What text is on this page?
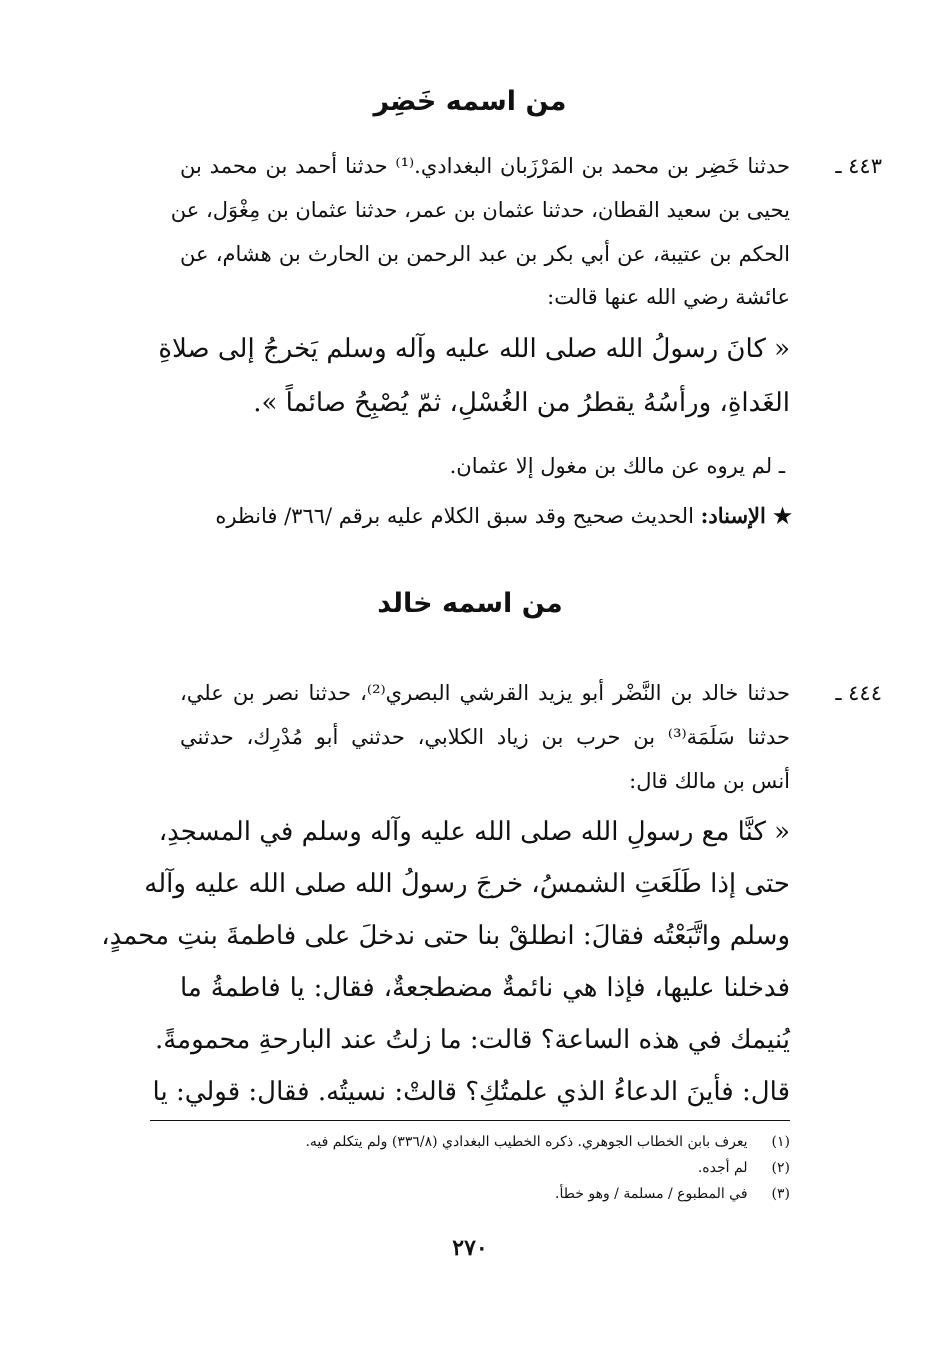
من اسمه خَضِر
٤٤٣ ـ
حدثنا خَضِر بن محمد بن المَرْزَبان البغدادي.⁽¹⁾ حدثنا أحمد بن محمد بن
يحيى بن سعيد القطان، حدثنا عثمان بن عمر، حدثنا عثمان بن مِغْوَل، عن
الحكم بن عتيبة، عن أبي بكر بن عبد الرحمن بن الحارث بن هشام، عن
عائشة رضي الله عنها قالت:
« كانَ رسولُ الله صلى الله عليه وآله وسلم يَخرجُ إلى صلاةِ
الغَداةِ، ورأسُهُ يقطرُ من الغُسْلِ، ثمّ يُصْبِحُ صائماً ».
ـ لم يروه عن مالك بن مغول إلا عثمان.
★ الإسناد: الحديث صحيح وقد سبق الكلام عليه برقم /٣٦٦/ فانظره
من اسمه خالد
٤٤٤ ـ
حدثنا خالد بن النَّضْر أبو يزيد القرشي البصري⁽²⁾، حدثنا نصر بن علي،
حدثنا سَلَمَة⁽³⁾ بن حرب بن زياد الكلابي، حدثني أبو مُدْرِك، حدثني
أنس بن مالك قال:
« كنَّا مع رسولِ الله صلى الله عليه وآله وسلم في المسجدِ،
حتى إذا طَلَعَتِ الشمسُ، خرجَ رسولُ الله صلى الله عليه وآله
وسلم واتَّبَعْتُه فقالَ: انطلقْ بنا حتى ندخلَ على فاطمةَ بنتِ محمدٍ،
فدخلنا عليها، فإذا هي نائمةٌ مضطجعةٌ، فقال: يا فاطمةُ ما
يُنيمك في هذه الساعة؟ قالت: ما زلتُ عند البارحةِ محمومةً.
قال: فأينَ الدعاءُ الذي علمتُكِ؟ قالتْ: نسيتُه. فقال: قولي: يا
(١) يعرف بابن الخطاب الجوهري. ذكره الخطيب البغدادي (٣٣٦/٨) ولم يتكلم فيه.
(٢) لم أجده.
(٣) في المطبوع / مسلمة / وهو خطأ.
٢٧٠
